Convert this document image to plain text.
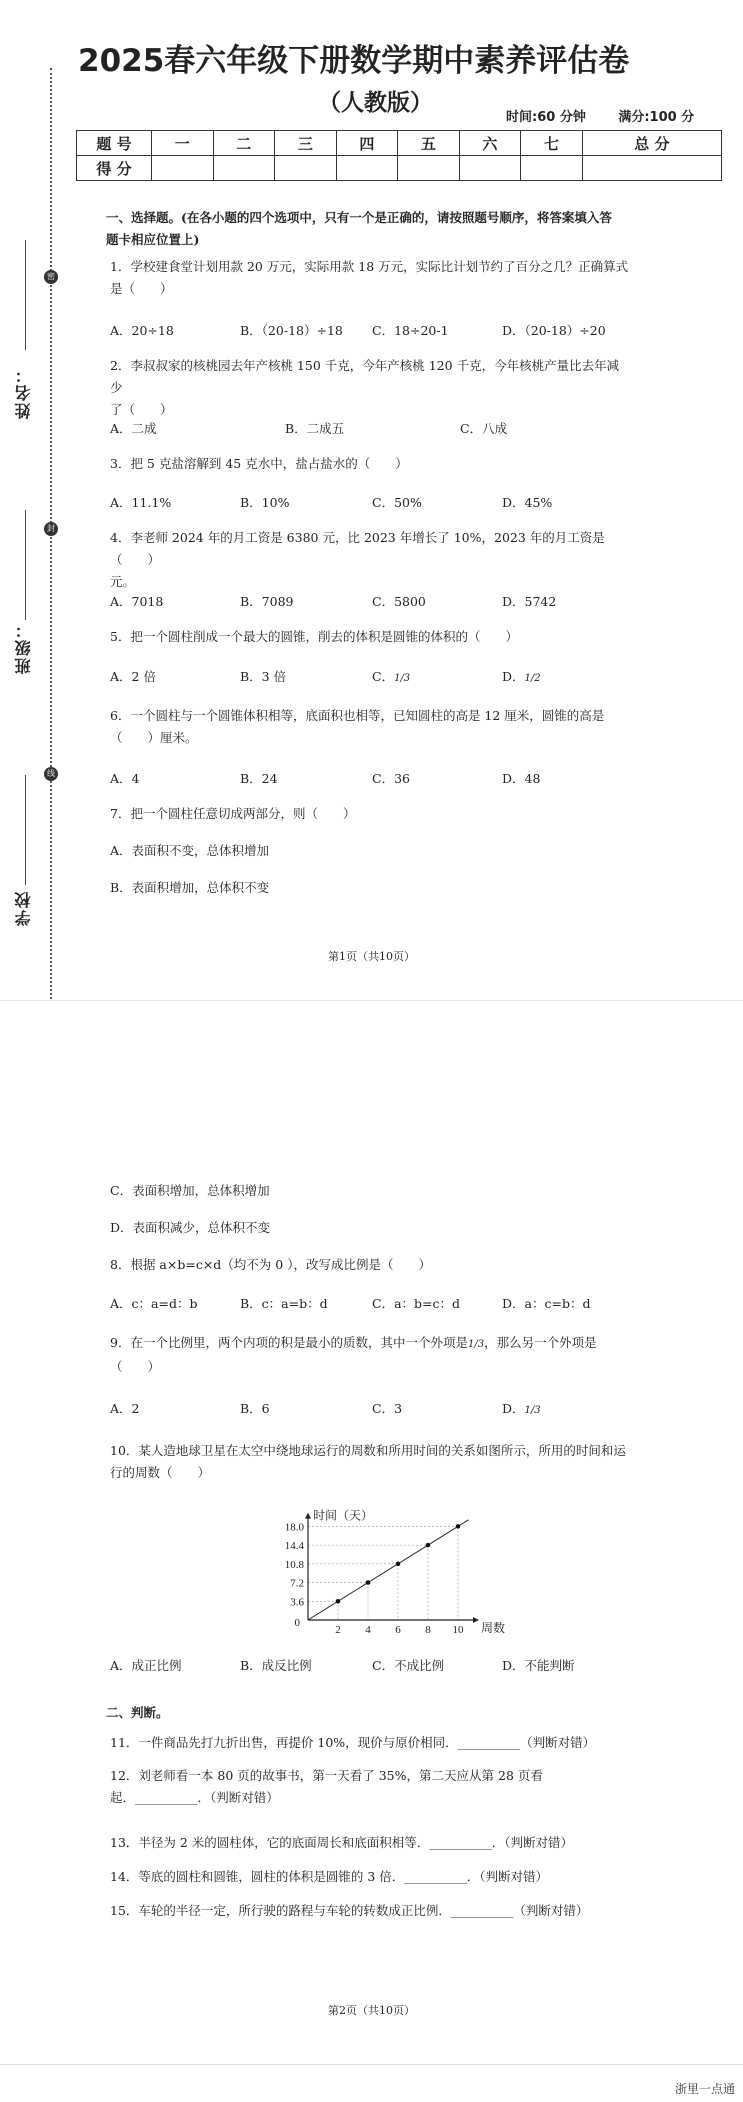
密
封
线
姓名：
班级：
学校
2025春六年级下册数学期中素养评估卷
（人教版）
时间:60 分钟	满分:100 分
题 号	一	二	三	四	五	六	七	总 分
得 分								
一、选择题。(在各小题的四个选项中，只有一个是正确的，请按照题号顺序，将答案填入答
题卡相应位置上)
1．学校建食堂计划用款 20 万元，实际用款 18 万元，实际比计划节约了百分之几？正确算式
是（　　）
A．20÷18	B．（20-18）÷18 C．18÷20-1	D．（20-18）÷20
2．李叔叔家的核桃园去年产核桃 150 千克，今年产核桃 120 千克，今年核桃产量比去年减少
了（　　）
A．二成	B．二成五	C．八成
3．把 5 克盐溶解到 45 克水中，盐占盐水的（　　）
A．11.1%	B．10%	C．50%	D．45%
4．李老师 2024 年的月工资是 6380 元，比 2023 年增长了 10%，2023 年的月工资是（　　）
元。
A．7018	B．7089	C．5800	D．5742
5．把一个圆柱削成一个最大的圆锥，削去的体积是圆锥的体积的（　　）
A．2 倍	B．3 倍	C．1/3	D．1/2
6．一个圆柱与一个圆锥体积相等，底面积也相等，已知圆柱的高是 12 厘米，圆锥的高是
（　　）厘米。
A．4	B．24	C．36	D．48
7．把一个圆柱任意切成两部分，则（　　）
A．表面积不变，总体积增加
B．表面积增加，总体积不变
第1页（共10页）
C．表面积增加，总体积增加
D．表面积减少，总体积不变
8．根据 a×b=c×d（均不为 0 ），改写成比例是（　　）
A．c：a=d：b	B．c：a=b：d	C．a：b=c：d	D．a：c=b：d
9．在一个比例里，两个内项的积是最小的质数，其中一个外项是1/3，那么另一个外项是
（　　）
A．2	B．6	C．3	D．1/3
10．某人造地球卫星在太空中绕地球运行的周数和所用时间的关系如图所示，所用的时间和运
行的周数（　　）
2 4 6 8 10
3.6
7.2
10.8
14.4
18.0
0	周数
时间（天）
A．成正比例	B．成反比例	C．不成比例	D．不能判断
二、判断。
11．一件商品先打九折出售，再提价 10%，现价与原价相同．__________（判断对错）
12．刘老师看一本 80 页的故事书，第一天看了 35%，第二天应从第 28 页看
起．__________．（判断对错）
13．半径为 2 米的圆柱体，它的底面周长和底面积相等．__________．（判断对错）
14．等底的圆柱和圆锥，圆柱的体积是圆锥的 3 倍．__________．（判断对错）
15．车轮的半径一定，所行驶的路程与车轮的转数成正比例．__________（判断对错）
第2页（共10页）
浙里一点通
